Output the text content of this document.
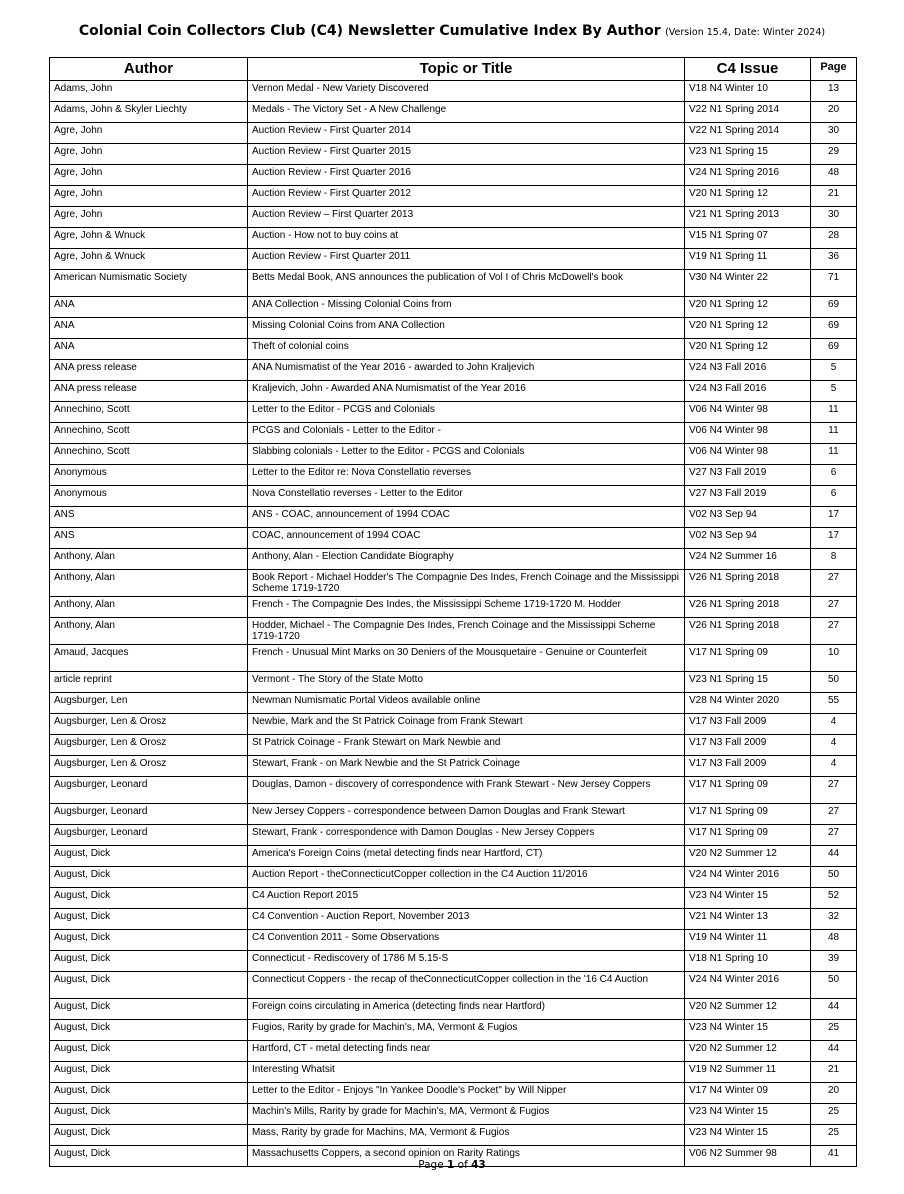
Colonial Coin Collectors Club (C4) Newsletter Cumulative Index By Author (Version 15.4, Date: Winter 2024)
Author	Topic or Title	C4 Issue	Page
Adams, John	Vernon Medal - New Variety Discovered	V18 N4 Winter 10	13
Adams, John & Skyler Liechty	Medals - The Victory Set - A New Challenge	V22 N1 Spring 2014	20
Agre, John	Auction Review - First Quarter 2014	V22 N1 Spring 2014	30
Agre, John	Auction Review - First Quarter 2015	V23 N1 Spring 15	29
Agre, John	Auction Review - First Quarter 2016	V24 N1 Spring 2016	48
Agre, John	Auction Review - First Quarter 2012	V20 N1 Spring 12	21
Agre, John	Auction Review – First Quarter 2013	V21 N1 Spring 2013	30
Agre, John & Wnuck	Auction - How not to buy coins at	V15 N1 Spring 07	28
Agre, John & Wnuck	Auction Review - First Quarter 2011	V19 N1 Spring 11	36
American Numismatic Society	Betts Medal Book, ANS announces the publication of Vol I of Chris McDowell's book	V30 N4 Winter 22	71
ANA	ANA Collection - Missing Colonial Coins from	V20 N1 Spring 12	69
ANA	Missing Colonial Coins from ANA Collection	V20 N1 Spring 12	69
ANA	Theft of colonial coins	V20 N1 Spring 12	69
ANA press release	ANA Numismatist of the Year 2016 - awarded to John Kraljevich	V24 N3 Fall 2016	5
ANA press release	Kraljevich, John - Awarded ANA Numismatist of the Year 2016	V24 N3 Fall 2016	5
Annechino, Scott	Letter to the Editor - PCGS and Colonials	V06 N4 Winter 98	11
Annechino, Scott	PCGS and Colonials - Letter to the Editor -	V06 N4 Winter 98	11
Annechino, Scott	Slabbing colonials - Letter to the Editor - PCGS and Colonials	V06 N4 Winter 98	11
Anonymous	Letter to the Editor re: Nova Constellatio reverses	V27 N3 Fall 2019	6
Anonymous	Nova Constellatio reverses - Letter to the Editor	V27 N3 Fall 2019	6
ANS	ANS - COAC, announcement of 1994 COAC	V02 N3 Sep 94	17
ANS	COAC, announcement of 1994 COAC	V02 N3 Sep 94	17
Anthony, Alan	Anthony, Alan - Election Candidate Biography	V24 N2 Summer 16	8
Anthony, Alan	Book Report - Michael Hodder's The Compagnie Des Indes, French Coinage and the Mississippi Scheme 1719-1720	V26 N1 Spring 2018	27
Anthony, Alan	French - The Compagnie Des Indes, the Mississippi Scheme 1719-1720 M. Hodder	V26 N1 Spring 2018	27
Anthony, Alan	Hodder, Michael - The Compagnie Des Indes, French Coinage and the Mississippi Scheme 1719-1720	V26 N1 Spring 2018	27
Amaud, Jacques	French - Unusual Mint Marks on 30 Deniers of the Mousquetaire - Genuine or Counterfeit	V17 N1 Spring 09	10
article reprint	Vermont - The Story of the State Motto	V23 N1 Spring 15	50
Augsburger, Len	Newman Numismatic Portal Videos available online	V28 N4 Winter 2020	55
Augsburger, Len & Orosz	Newbie, Mark and the St Patrick Coinage from Frank Stewart	V17 N3 Fall 2009	4
Augsburger, Len & Orosz	St Patrick Coinage - Frank Stewart on Mark Newbie and	V17 N3 Fall 2009	4
Augsburger, Len & Orosz	Stewart, Frank - on Mark Newbie and the St Patrick Coinage	V17 N3 Fall 2009	4
Augsburger, Leonard	Douglas, Damon - discovery of correspondence with Frank Stewart - New Jersey Coppers	V17 N1 Spring 09	27
Augsburger, Leonard	New Jersey Coppers - correspondence between Damon Douglas and Frank Stewart	V17 N1 Spring 09	27
Augsburger, Leonard	Stewart, Frank - correspondence with Damon Douglas - New Jersey Coppers	V17 N1 Spring 09	27
August, Dick	America's Foreign Coins (metal detecting finds near Hartford, CT)	V20 N2 Summer 12	44
August, Dick	Auction Report - theConnecticutCopper collection in the C4 Auction 11/2016	V24 N4 Winter 2016	50
August, Dick	C4 Auction Report 2015	V23 N4 Winter 15	52
August, Dick	C4 Convention - Auction Report, November 2013	V21 N4 Winter 13	32
August, Dick	C4 Convention 2011 - Some Observations	V19 N4 Winter 11	48
August, Dick	Connecticut - Rediscovery of 1786 M 5.15-S	V18 N1 Spring 10	39
August, Dick	Connecticut Coppers - the recap of theConnecticutCopper collection in the '16 C4 Auction	V24 N4 Winter 2016	50
August, Dick	Foreign coins circulating in America (detecting finds near Hartford)	V20 N2 Summer 12	44
August, Dick	Fugios, Rarity by grade for Machin's, MA, Vermont & Fugios	V23 N4 Winter 15	25
August, Dick	Hartford, CT - metal detecting finds near	V20 N2 Summer 12	44
August, Dick	Interesting Whatsit	V19 N2 Summer 11	21
August, Dick	Letter to the Editor - Enjoys "In Yankee Doodle's Pocket" by Will Nipper	V17 N4 Winter 09	20
August, Dick	Machin's Mills, Rarity by grade for Machin's, MA, Vermont & Fugios	V23 N4 Winter 15	25
August, Dick	Mass, Rarity by grade for Machins, MA, Vermont & Fugios	V23 N4 Winter 15	25
August, Dick	Massachusetts Coppers, a second opinion on Rarity Ratings	V06 N2 Summer 98	41
Page 1 of 43
